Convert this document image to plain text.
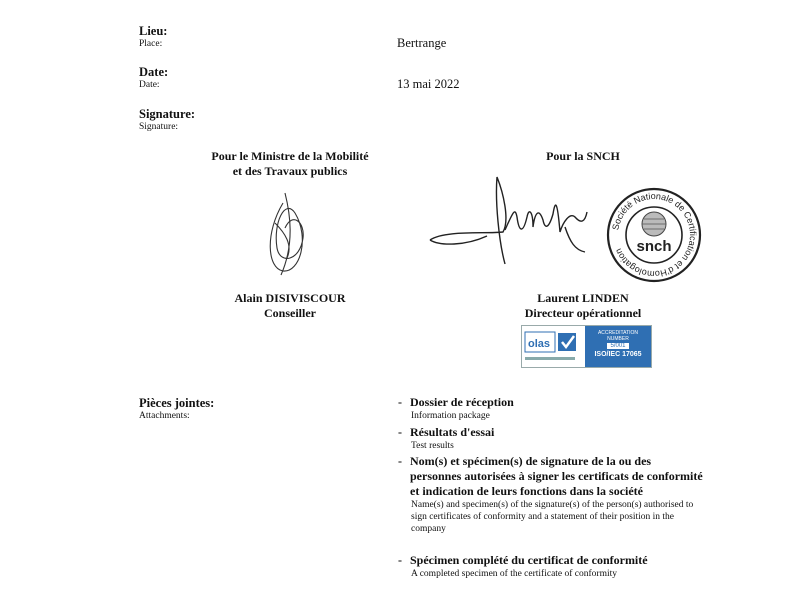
Lieu:
Place:	Bertrange
Date:
Date:	13 mai 2022
Signature:
Signature:
Pour le Ministre de la Mobilité
et des Travaux publics
Alain DISIVISCOUR
Conseiller
Pour la SNCH
Société Nationale de Certification et d'Homologation snch
Laurent LINDEN
Directeur opérationnel
olas
ACCREDITATION
NUMBER
5/001
ISO/IEC 17065
Pièces jointes:
Attachments:
- Dossier de réception
Information package
- Résultats d'essai
Test results
- Nom(s) et spécimen(s) de signature de la ou des personnes autorisées à signer les certificats de conformité et indication de leurs fonctions dans la société
Name(s) and specimen(s) of the signature(s) of the person(s) authorised to sign certificates of conformity and a statement of their position in the company
- Spécimen complété du certificat de conformité
A completed specimen of the certificate of conformity
